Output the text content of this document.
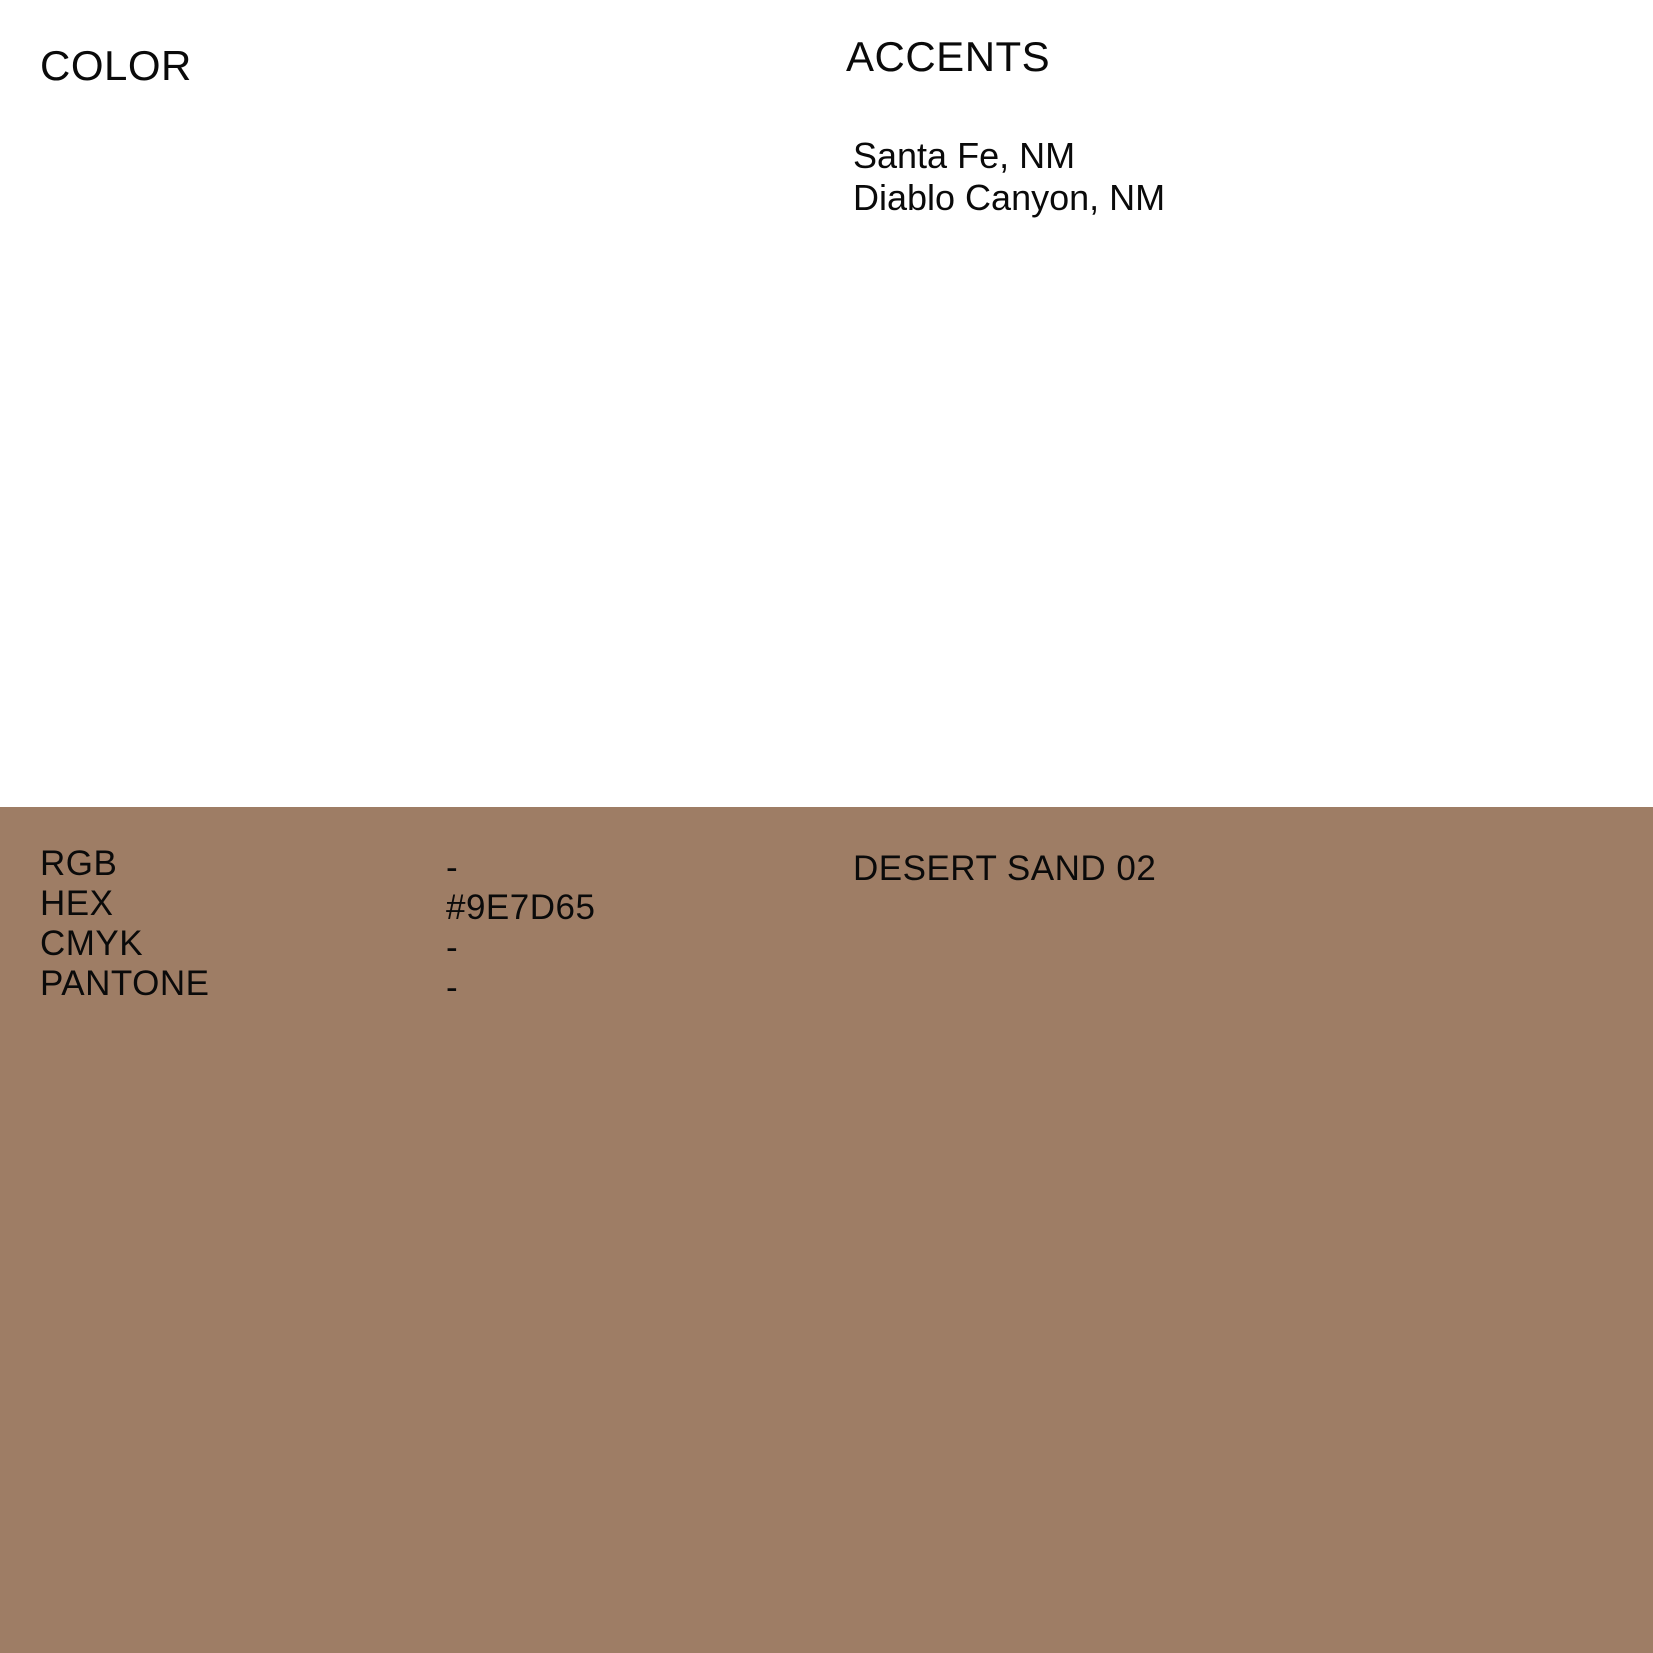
COLOR	ACCENTS
Santa Fe, NM
Diablo Canyon, NM
RGB
HEX
CMYK
PANTONE
-
#9E7D65
-
-
DESERT SAND 02
